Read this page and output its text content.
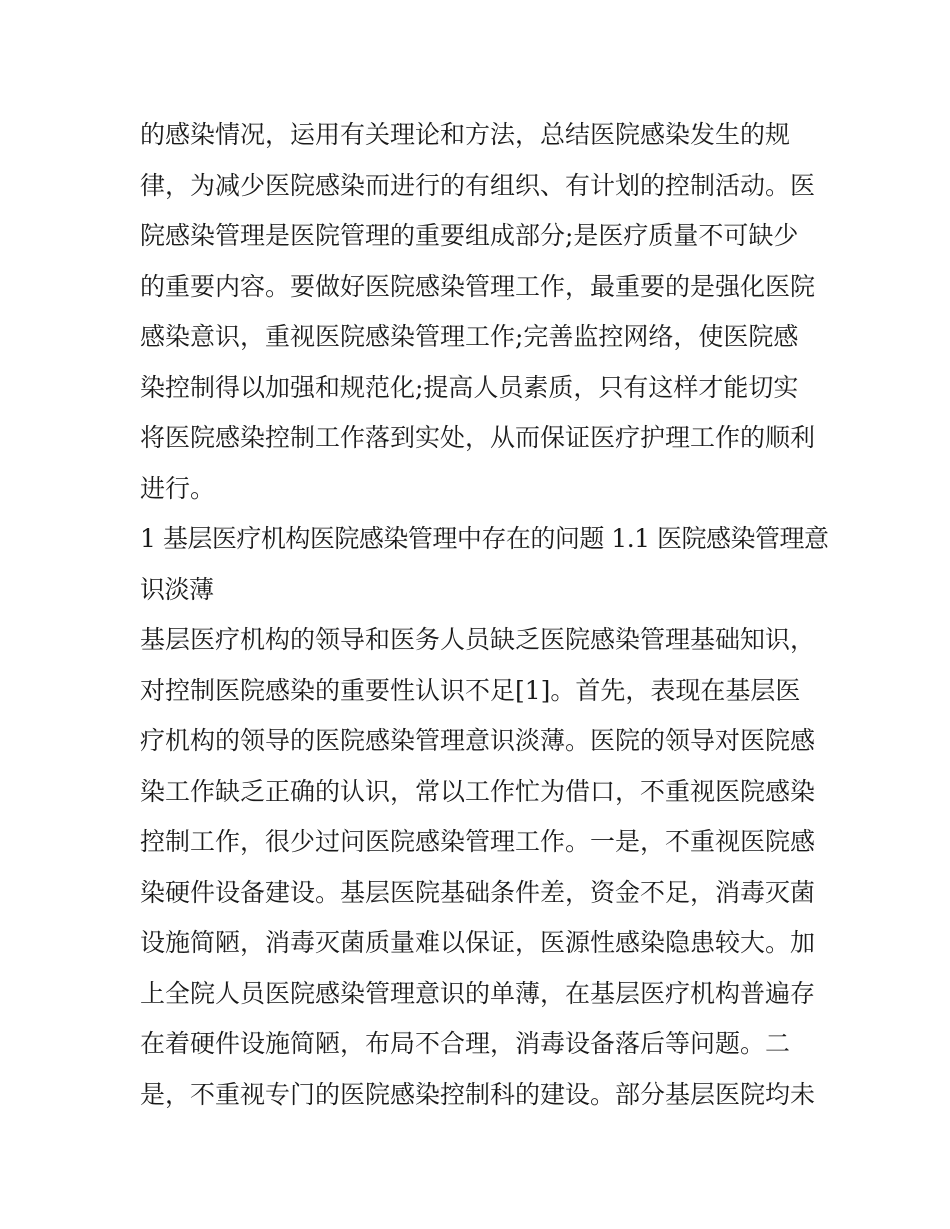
的感染情况，运用有关理论和方法，总结医院感染发生的规
律，为减少医院感染而进行的有组织、有计划的控制活动。医
院感染管理是医院管理的重要组成部分;是医疗质量不可缺少
的重要内容。要做好医院感染管理工作，最重要的是强化医院
感染意识，重视医院感染管理工作;完善监控网络，使医院感
染控制得以加强和规范化;提高人员素质，只有这样才能切实
将医院感染控制工作落到实处，从而保证医疗护理工作的顺利
进行。
1 基层医疗机构医院感染管理中存在的问题 1.1 医院感染管理意
识淡薄
基层医疗机构的领导和医务人员缺乏医院感染管理基础知识，
对控制医院感染的重要性认识不足[1]。首先，表现在基层医
疗机构的领导的医院感染管理意识淡薄。医院的领导对医院感
染工作缺乏正确的认识，常以工作忙为借口，不重视医院感染
控制工作，很少过问医院感染管理工作。一是，不重视医院感
染硬件设备建设。基层医院基础条件差，资金不足，消毒灭菌
设施简陋，消毒灭菌质量难以保证，医源性感染隐患较大。加
上全院人员医院感染管理意识的单薄，在基层医疗机构普遍存
在着硬件设施简陋，布局不合理，消毒设备落后等问题。二
是，不重视专门的医院感染控制科的建设。部分基层医院均未
